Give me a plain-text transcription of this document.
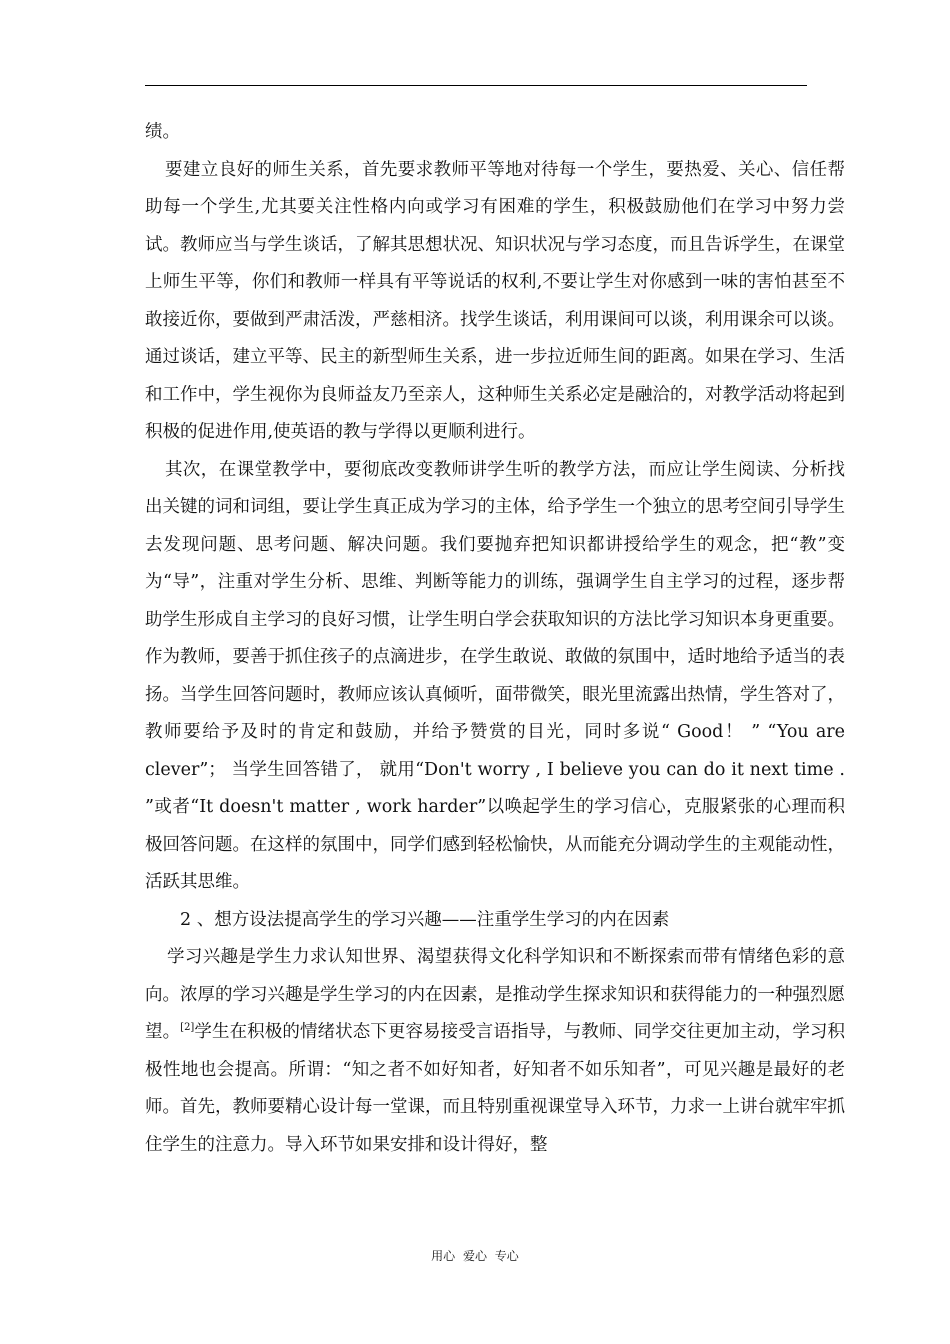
绩。

要建立良好的师生关系，首先要求教师平等地对待每一个学生，要热爱、关心、信任帮助每一个学生,尤其要关注性格内向或学习有困难的学生，积极鼓励他们在学习中努力尝试。教师应当与学生谈话，了解其思想状况、知识状况与学习态度，而且告诉学生，在课堂上师生平等，你们和教师一样具有平等说话的权利,不要让学生对你感到一味的害怕甚至不敢接近你，要做到严肃活泼，严慈相济。找学生谈话，利用课间可以谈，利用课余可以谈。通过谈话，建立平等、民主的新型师生关系，进一步拉近师生间的距离。如果在学习、生活和工作中，学生视你为良师益友乃至亲人，这种师生关系必定是融洽的，对教学活动将起到积极的促进作用,使英语的教与学得以更顺利进行。

其次，在课堂教学中，要彻底改变教师讲学生听的教学方法，而应让学生阅读、分析找出关键的词和词组，要让学生真正成为学习的主体，给予学生一个独立的思考空间引导学生去发现问题、思考问题、解决问题。我们要抛弃把知识都讲授给学生的观念，把“教”变为“导”，注重对学生分析、思维、判断等能力的训练，强调学生自主学习的过程，逐步帮助学生形成自主学习的良好习惯，让学生明白学会获取知识的方法比学习知识本身更重要。作为教师，要善于抓住孩子的点滴进步，在学生敢说、敢做的氛围中，适时地给予适当的表扬。当学生回答问题时，教师应该认真倾听，面带微笑，眼光里流露出热情，学生答对了，教师要给予及时的肯定和鼓励，并给予赞赏的目光，同时多说“ Good！ ” “You are clever”； 当学生回答错了， 就用“Don't worry , I believe you can do it next time . ”或者“It doesn't matter , work harder”以唤起学生的学习信心，克服紧张的心理而积极回答问题。在这样的氛围中，同学们感到轻松愉快，从而能充分调动学生的主观能动性，活跃其思维。

2 、想方设法提高学生的学习兴趣——注重学生学习的内在因素

学习兴趣是学生力求认知世界、渴望获得文化科学知识和不断探索而带有情绪色彩的意向。浓厚的学习兴趣是学生学习的内在因素，是推动学生探求知识和获得能力的一种强烈愿望。[2]学生在积极的情绪状态下更容易接受言语指导，与教师、同学交往更加主动，学习积极性地也会提高。所谓：“知之者不如好知者，好知者不如乐知者”，可见兴趣是最好的老师。首先，教师要精心设计每一堂课，而且特别重视课堂导入环节，力求一上讲台就牢牢抓住学生的注意力。导入环节如果安排和设计得好，整

用心 爱心 专心
